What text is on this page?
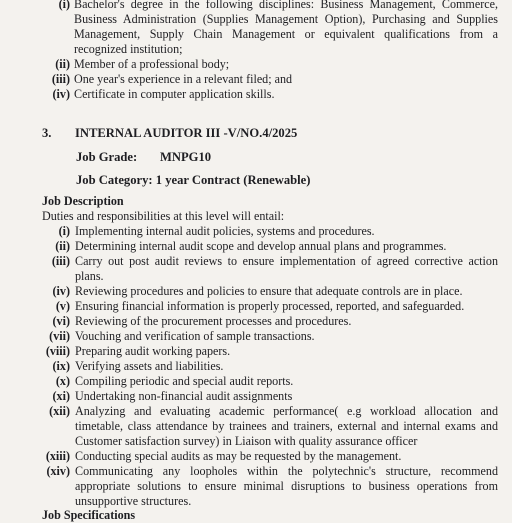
(i) Bachelor's degree in the following disciplines: Business Management, Commerce, Business Administration (Supplies Management Option), Purchasing and Supplies Management, Supply Chain Management or equivalent qualifications from a recognized institution;
(ii) Member of a professional body;
(iii) One year's experience in a relevant filed; and
(iv) Certificate in computer application skills.
3. INTERNAL AUDITOR III -V/NO.4/2025
Job Grade: MNPG10
Job Category: 1 year Contract (Renewable)
Job Description
Duties and responsibilities at this level will entail:
(i) Implementing internal audit policies, systems and procedures.
(ii) Determining internal audit scope and develop annual plans and programmes.
(iii) Carry out post audit reviews to ensure implementation of agreed corrective action plans.
(iv) Reviewing procedures and policies to ensure that adequate controls are in place.
(v) Ensuring financial information is properly processed, reported, and safeguarded.
(vi) Reviewing of the procurement processes and procedures.
(vii) Vouching and verification of sample transactions.
(viii) Preparing audit working papers.
(ix) Verifying assets and liabilities.
(x) Compiling periodic and special audit reports.
(xi) Undertaking non-financial audit assignments
(xii) Analyzing and evaluating academic performance( e.g workload allocation and timetable, class attendance by trainees and trainers, external and internal exams and Customer satisfaction survey) in Liaison with quality assurance officer
(xiii) Conducting special audits as may be requested by the management.
(xiv) Communicating any loopholes within the polytechnic's structure, recommend appropriate solutions to ensure minimal disruptions to business operations from unsupportive structures.
Job Specifications
